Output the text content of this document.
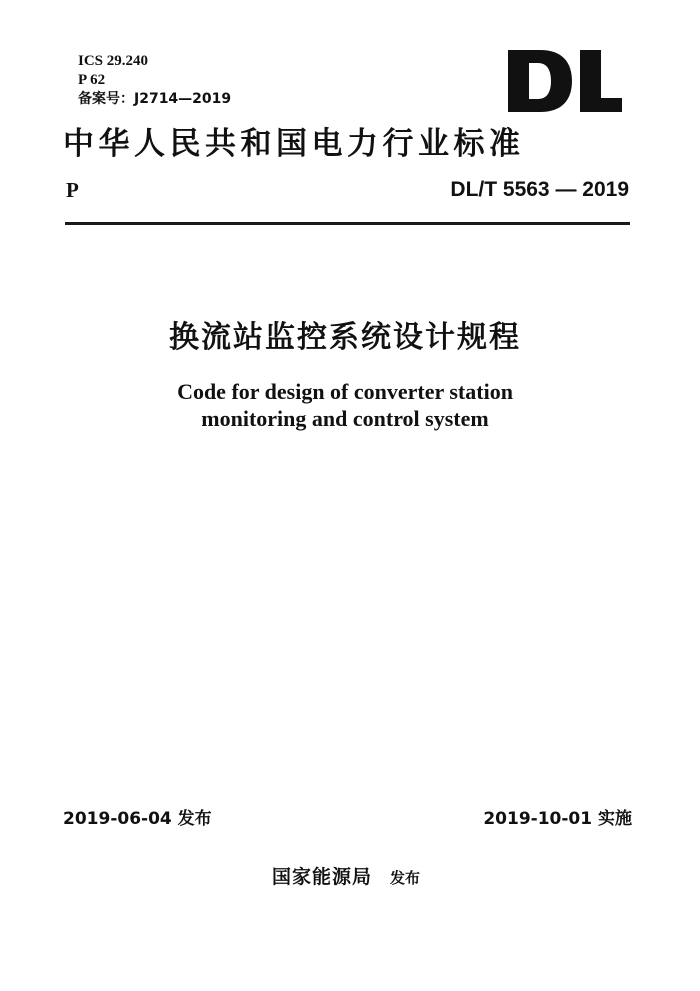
ICS 29.240
P 62
备案号：J2714—2019
中华人民共和国电力行业标准
P	DL/T 5563 — 2019
换流站监控系统设计规程
Code for design of converter station
monitoring and control system
2019-06-04 发布	2019-10-01 实施
国家能源局 发布
